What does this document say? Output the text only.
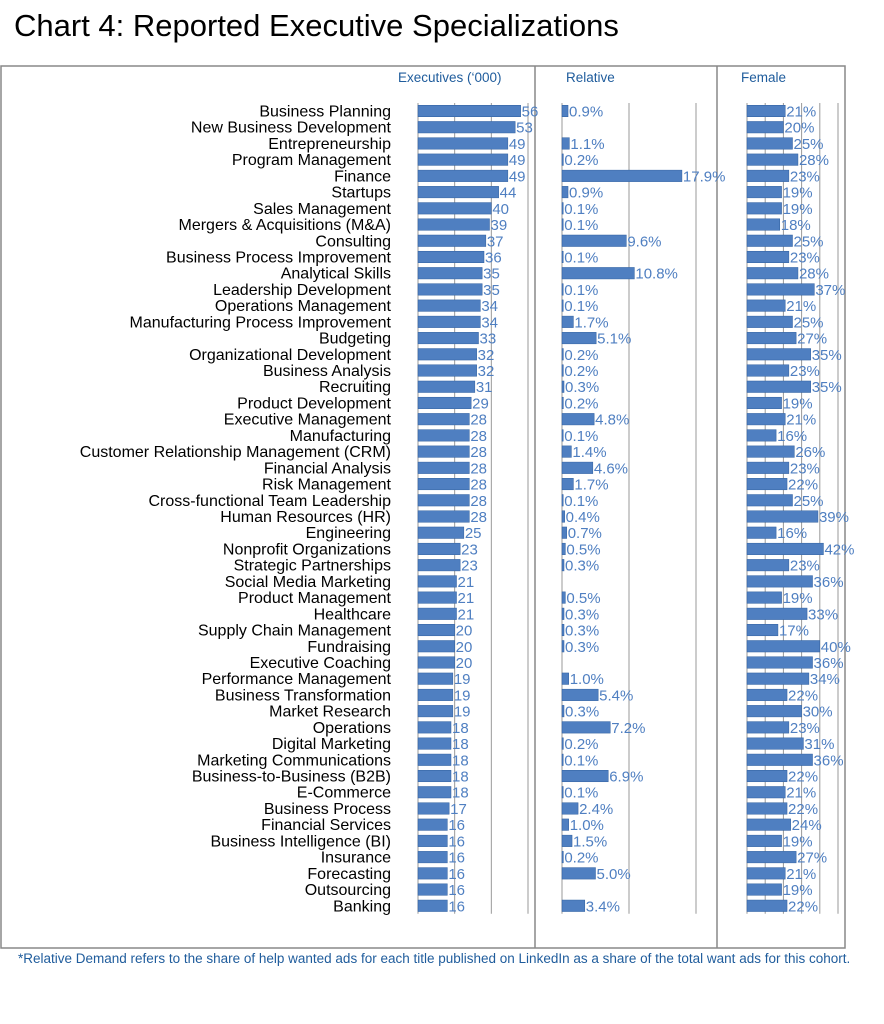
Chart 4: Reported Executive Specializations
Executives (‘000)
56
53
49
49
49
44
40
39
37
36
35
35
34
34
33
32
32
31
29
28
28
28
28
28
28
28
25
23
23
21
21
21
20
20
20
19
19
19
18
18
18
18
18
17
16
16
16
16
16
16
Relative
0.9%
1.1%
0.2%
17.9%
0.9%
0.1%
0.1%
9.6%
0.1%
10.8%
0.1%
0.1%
1.7%
5.1%
0.2%
0.2%
0.3%
0.2%
4.8%
0.1%
1.4%
4.6%
1.7%
0.1%
0.4%
0.7%
0.5%
0.3%
0.5%
0.3%
0.3%
0.3%
1.0%
5.4%
0.3%
7.2%
0.2%
0.1%
6.9%
0.1%
2.4%
1.0%
1.5%
0.2%
5.0%
3.4%
Female
21%
20%
25%
28%
23%
19%
19%
18%
25%
23%
28%
37%
21%
25%
27%
35%
23%
35%
19%
21%
16%
26%
23%
22%
25%
39%
16%
42%
23%
36%
19%
33%
17%
40%
36%
34%
22%
30%
23%
31%
36%
22%
21%
22%
24%
19%
27%
21%
19%
22%
Business Planning
New Business Development
Entrepreneurship
Program Management
Finance
Startups
Sales Management
Mergers & Acquisitions (M&A)
Consulting
Business Process Improvement
Analytical Skills
Leadership Development
Operations Management
Manufacturing Process Improvement
Budgeting
Organizational Development
Business Analysis
Recruiting
Product Development
Executive Management
Manufacturing
Customer Relationship Management (CRM)
Financial Analysis
Risk Management
Cross-functional Team Leadership
Human Resources (HR)
Engineering
Nonprofit Organizations
Strategic Partnerships
Social Media Marketing
Product Management
Healthcare
Supply Chain Management
Fundraising
Executive Coaching
Performance Management
Business Transformation
Market Research
Operations
Digital Marketing
Marketing Communications
Business-to-Business (B2B)
E-Commerce
Business Process
Financial Services
Business Intelligence (BI)
Insurance
Forecasting
Outsourcing
Banking
*Relative Demand refers to the share of help wanted ads for each title published on LinkedIn as a share of the total want ads for this cohort.
